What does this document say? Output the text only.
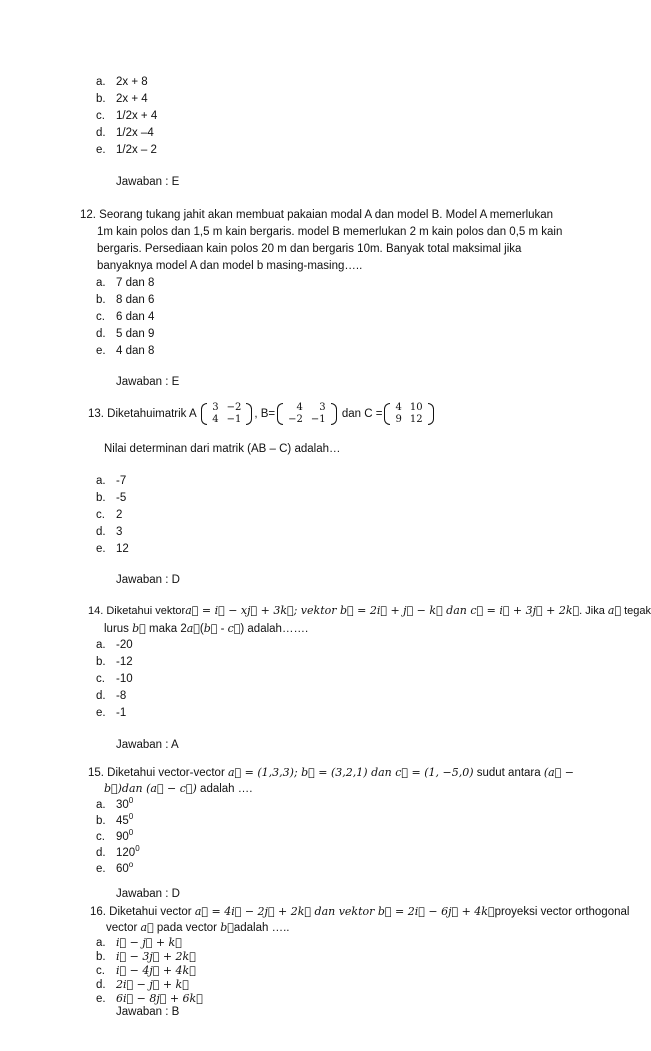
a. 2x + 8
b. 2x + 4
c. 1/2x + 4
d. 1/2x –4
e. 1/2x – 2
Jawaban : E
12. Seorang tukang jahit akan membuat pakaian modal A dan model B. Model A memerlukan
1m kain polos dan 1,5 m kain bergaris. model B memerlukan 2 m kain polos dan 0,5 m kain
bergaris. Persediaan kain polos 20 m dan bergaris 10m. Banyak total maksimal jika
banyaknya model A dan model b masing-masing…..
a. 7 dan 8
b. 8 dan 6
c. 6 dan 4
d. 5 dan 9
e. 4 dan 8
Jawaban : E
13. Diketahuimatrik A
3	−2
4	−1 , B=
4	3
−2	−1 dan C =
4	10
9	12
Nilai determinan dari matrik (AB – C) adalah…
a. -7
b. -5
c. 2
d. 3
e. 12
Jawaban : D
14. Diketahui vektora⃗ = i⃗ − xj⃗ + 3k⃗; vektor b⃗ = 2i⃗ + j⃗ − k⃗ dan c⃗ = i⃗ + 3j⃗ + 2k⃗. Jika a⃗ tegak
lurus b⃗ maka 2a⃗(b⃗ - c⃗) adalah…….
a. -20
b. -12
c. -10
d. -8
e. -1
Jawaban : A
15. Diketahui vector-vector a⃗ = (1,3,3); b⃗ = (3,2,1) dan c⃗ = (1, −5,0) sudut antara (a⃗ −
b⃗)dan (a⃗ − c⃗) adalah ….
a. $30^0$
b. $45^0$
c. $90^0$
d. $120^0$
e. 60$^o$
Jawaban : D
16. Diketahui vector a⃗ = 4i⃗ − 2j⃗ + 2k⃗ dan vektor b⃗ = 2i⃗ − 6j⃗ + 4k⃗proyeksi vector orthogonal
vector a⃗ pada vector b⃗adalah …..
a. i⃗ − j⃗ + k⃗
b. i⃗ − 3j⃗ + 2k⃗
c. i⃗ − 4j⃗ + 4k⃗
d. 2i⃗ − j⃗ + k⃗
e. 6i⃗ − 8j⃗ + 6k⃗
Jawaban : B
